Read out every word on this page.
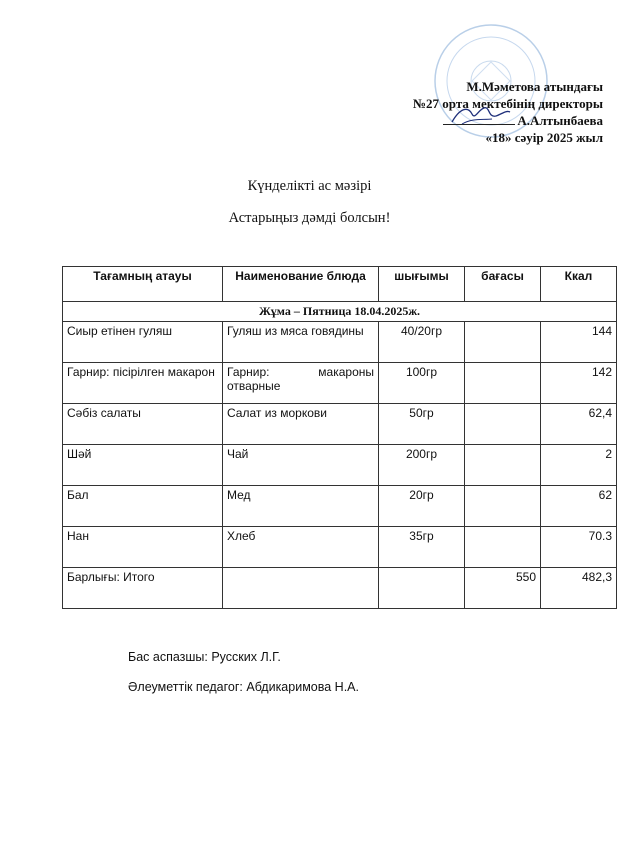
М.Мәметова атындағы
№27 орта мектебінің директоры
А.Алтынбаева
«18» сәуір 2025 жыл
Күнделікті ас мәзірі
Астарыңыз дәмді болсын!
Тағамның атауы	Наименование блюда	шығымы	бағасы	Ккал
Жұма – Пятница 18.04.2025ж.				
Сиыр етінен гуляш	Гуляш из мяса говядины	40/20гр		144
Гарнир: пісірілген макарон	Гарнир: макароны отварные	100гр		142
Сәбіз салаты	Салат из моркови	50гр		62,4
Шәй	Чай	200гр		2
Бал	Мед	20гр		62
Нан	Хлеб	35гр		70.3
Барлығы: Итого			550	482,3
Бас аспазшы: Русских Л.Г.
Әлеуметтік педагог: Абдикаримова Н.А.
